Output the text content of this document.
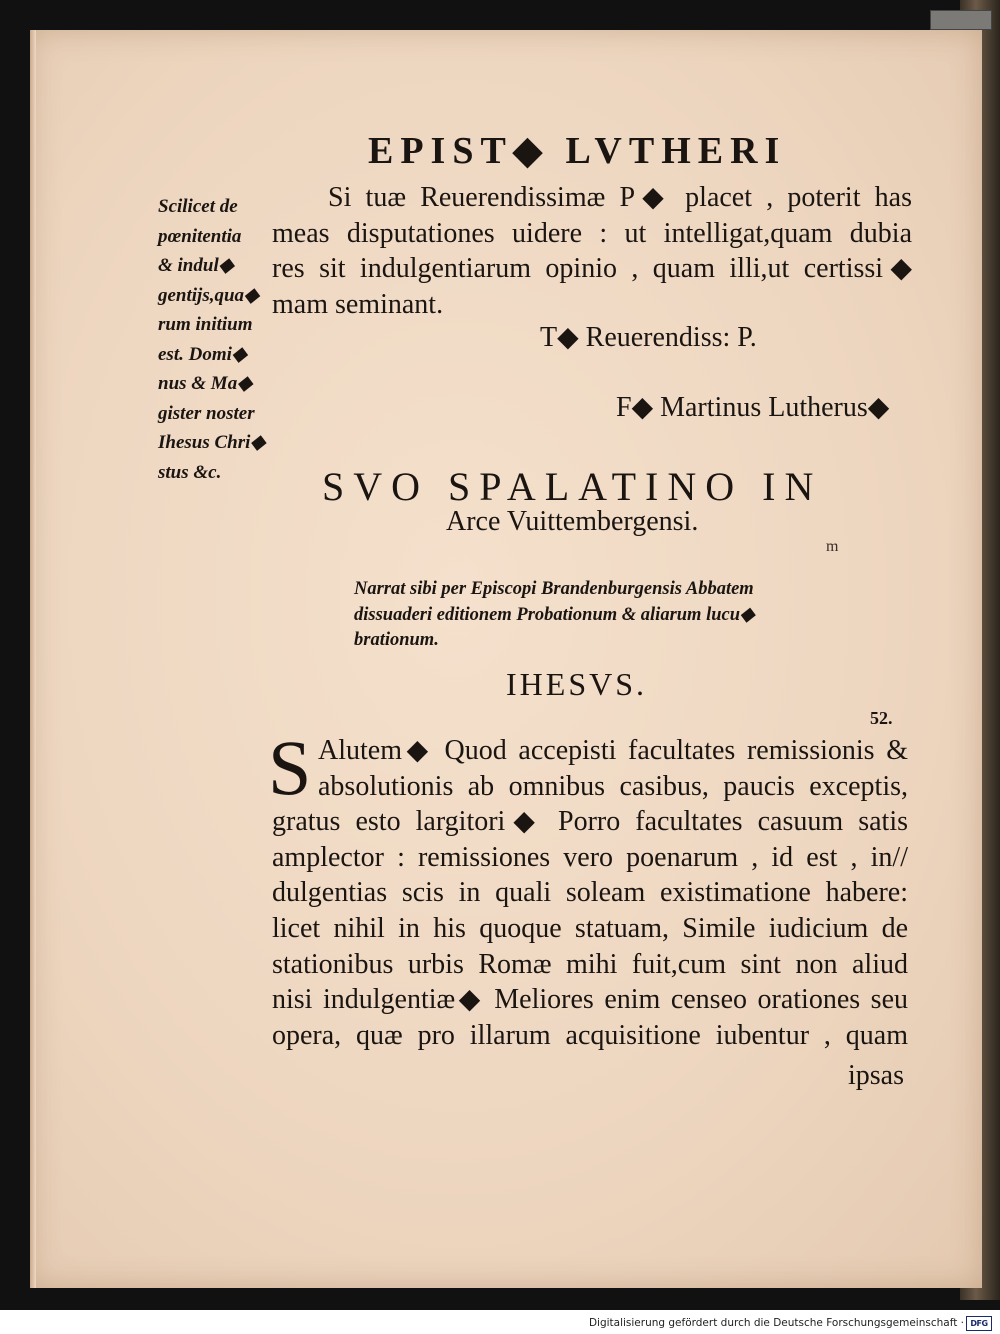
EPIST◆ LVTHERI
Scilicet de
pœnitentia
& indul◆
gentijs,qua◆
rum initium
est. Domi◆
nus & Ma◆
gister noster
Ihesus Chri◆
stus &c.
Si tuæ Reuerendissimæ P◆ placet , poterit has
meas disputationes uidere : ut intelligat,quam dubia
res sit indulgentiarum opinio , quam illi,ut certissi◆
mam seminant.
T◆ Reuerendiss: P.
F◆ Martinus Lutherus◆
SVO SPALATINO IN
Arce Vuittembergensi.
m
Narrat sibi per Episcopi Brandenburgensis Abbatem
dissuaderi editionem Probationum & aliarum lucu◆
brationum.
IHESVS.
52.
S Alutem◆ Quod accepisti facultates remissionis &
absolutionis ab omnibus casibus, paucis exceptis,
gratus esto largitori◆ Porro facultates casuum satis
amplector : remissiones vero poenarum , id est , in//
dulgentias scis in quali soleam existimatione habere:
licet nihil in his quoque statuam, Simile iudicium de
stationibus urbis Romæ mihi fuit,cum sint non aliud
nisi indulgentiæ◆ Meliores enim censeo orationes seu
opera, quæ pro illarum acquisitione iubentur , quam
ipsas
Digitalisierung gefördert durch die Deutsche Forschungsgemeinschaft · DFG
